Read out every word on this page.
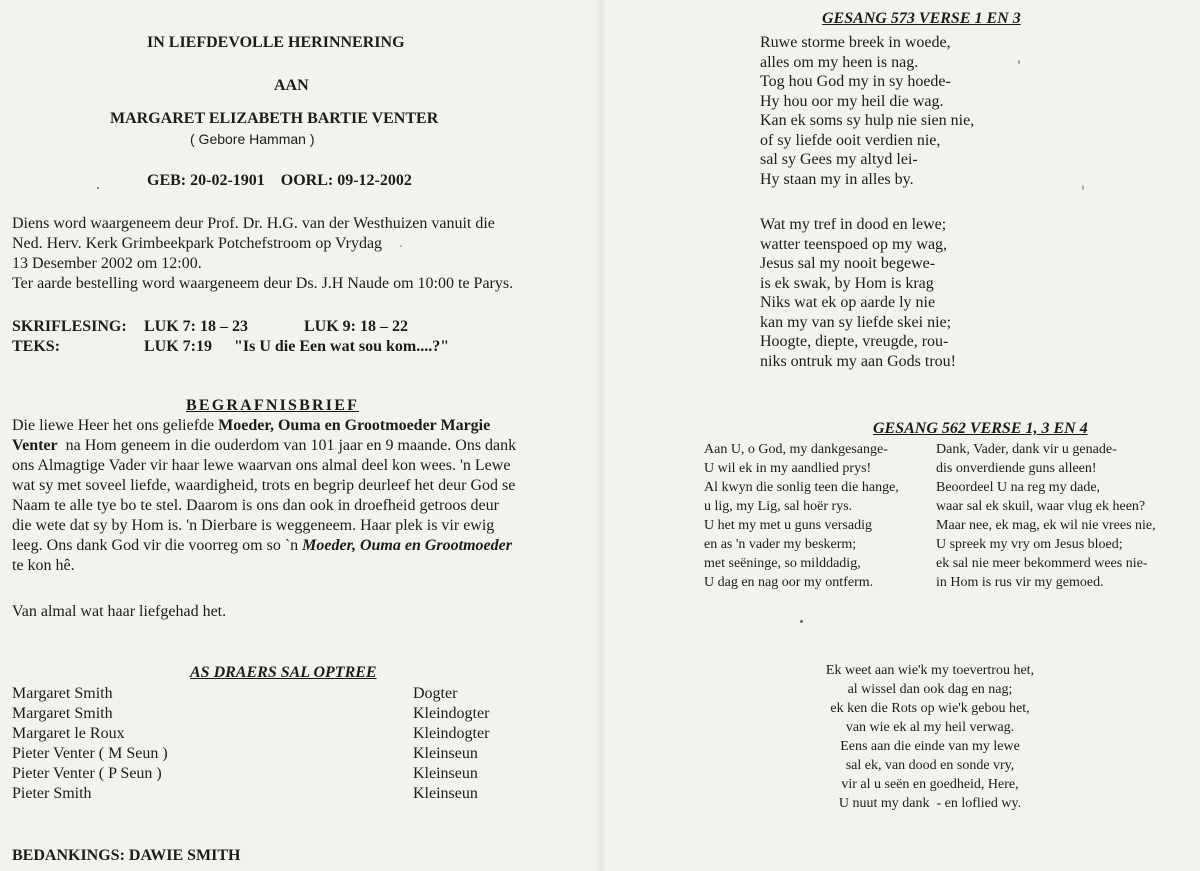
IN LIEFDEVOLLE HERINNERING
AAN
MARGARET ELIZABETH BARTIE VENTER
( Gebore Hamman )
GEB: 20-02-1901    OORL: 09-12-2002
Diens word waargeneem deur Prof. Dr. H.G. van der Westhuizen vanuit die
Ned. Herv. Kerk Grimbeekpark Potchefstroom op Vrydag
13 Desember 2002 om 12:00.
Ter aarde bestelling word waargeneem deur Ds. J.H Naude om 10:00 te Parys.
SKRIFLESING: LUK 7: 18 – 23	LUK 9: 18 – 22
TEKS:	LUK 7:19 "Is U die Een wat sou kom....?"
BEGRAFNISBRIEF
Die liewe Heer het ons geliefde Moeder, Ouma en Grootmoeder Margie
Venter  na Hom geneem in die ouderdom van 101 jaar en 9 maande. Ons dank
ons Almagtige Vader vir haar lewe waarvan ons almal deel kon wees. 'n Lewe
wat sy met soveel liefde, waardigheid, trots en begrip deurleef het deur God se
Naam te alle tye bo te stel. Daarom is ons dan ook in droefheid getroos deur
die wete dat sy by Hom is. 'n Dierbare is weggeneem. Haar plek is vir ewig
leeg. Ons dank God vir die voorreg om so `n Moeder, Ouma en Grootmoeder
te kon hê.
Van almal wat haar liefgehad het.
AS DRAERS SAL OPTREE
Margaret Smith
Margaret Smith
Margaret le Roux
Pieter Venter ( M Seun )
Pieter Venter ( P Seun )
Pieter Smith
Dogter
Kleindogter
Kleindogter
Kleinseun
Kleinseun
Kleinseun
BEDANKINGS: DAWIE SMITH
GESANG 573 VERSE 1 EN 3
Ruwe storme breek in woede,
alles om my heen is nag.
Tog hou God my in sy hoede-
Hy hou oor my heil die wag.
Kan ek soms sy hulp nie sien nie,
of sy liefde ooit verdien nie,
sal sy Gees my altyd lei-
Hy staan my in alles by.
Wat my tref in dood en lewe;
watter teenspoed op my wag,
Jesus sal my nooit begewe-
is ek swak, by Hom is krag
Niks wat ek op aarde ly nie
kan my van sy liefde skei nie;
Hoogte, diepte, vreugde, rou-
niks ontruk my aan Gods trou!
GESANG 562 VERSE 1, 3 EN 4
Aan U, o God, my dankgesange-
U wil ek in my aandlied prys!
Al kwyn die sonlig teen die hange,
u lig, my Lig, sal hoër rys.
U het my met u guns versadig
en as 'n vader my beskerm;
met seëninge, so milddadig,
U dag en nag oor my ontferm.
Dank, Vader, dank vir u genade-
dis onverdiende guns alleen!
Beoordeel U na reg my dade,
waar sal ek skuil, waar vlug ek heen?
Maar nee, ek mag, ek wil nie vrees nie,
U spreek my vry om Jesus bloed;
ek sal nie meer bekommerd wees nie-
in Hom is rus vir my gemoed.
Ek weet aan wie'k my toevertrou het,
al wissel dan ook dag en nag;
ek ken die Rots op wie'k gebou het,
van wie ek al my heil verwag.
Eens aan die einde van my lewe
sal ek, van dood en sonde vry,
vir al u seën en goedheid, Here,
U nuut my dank  - en loflied wy.
